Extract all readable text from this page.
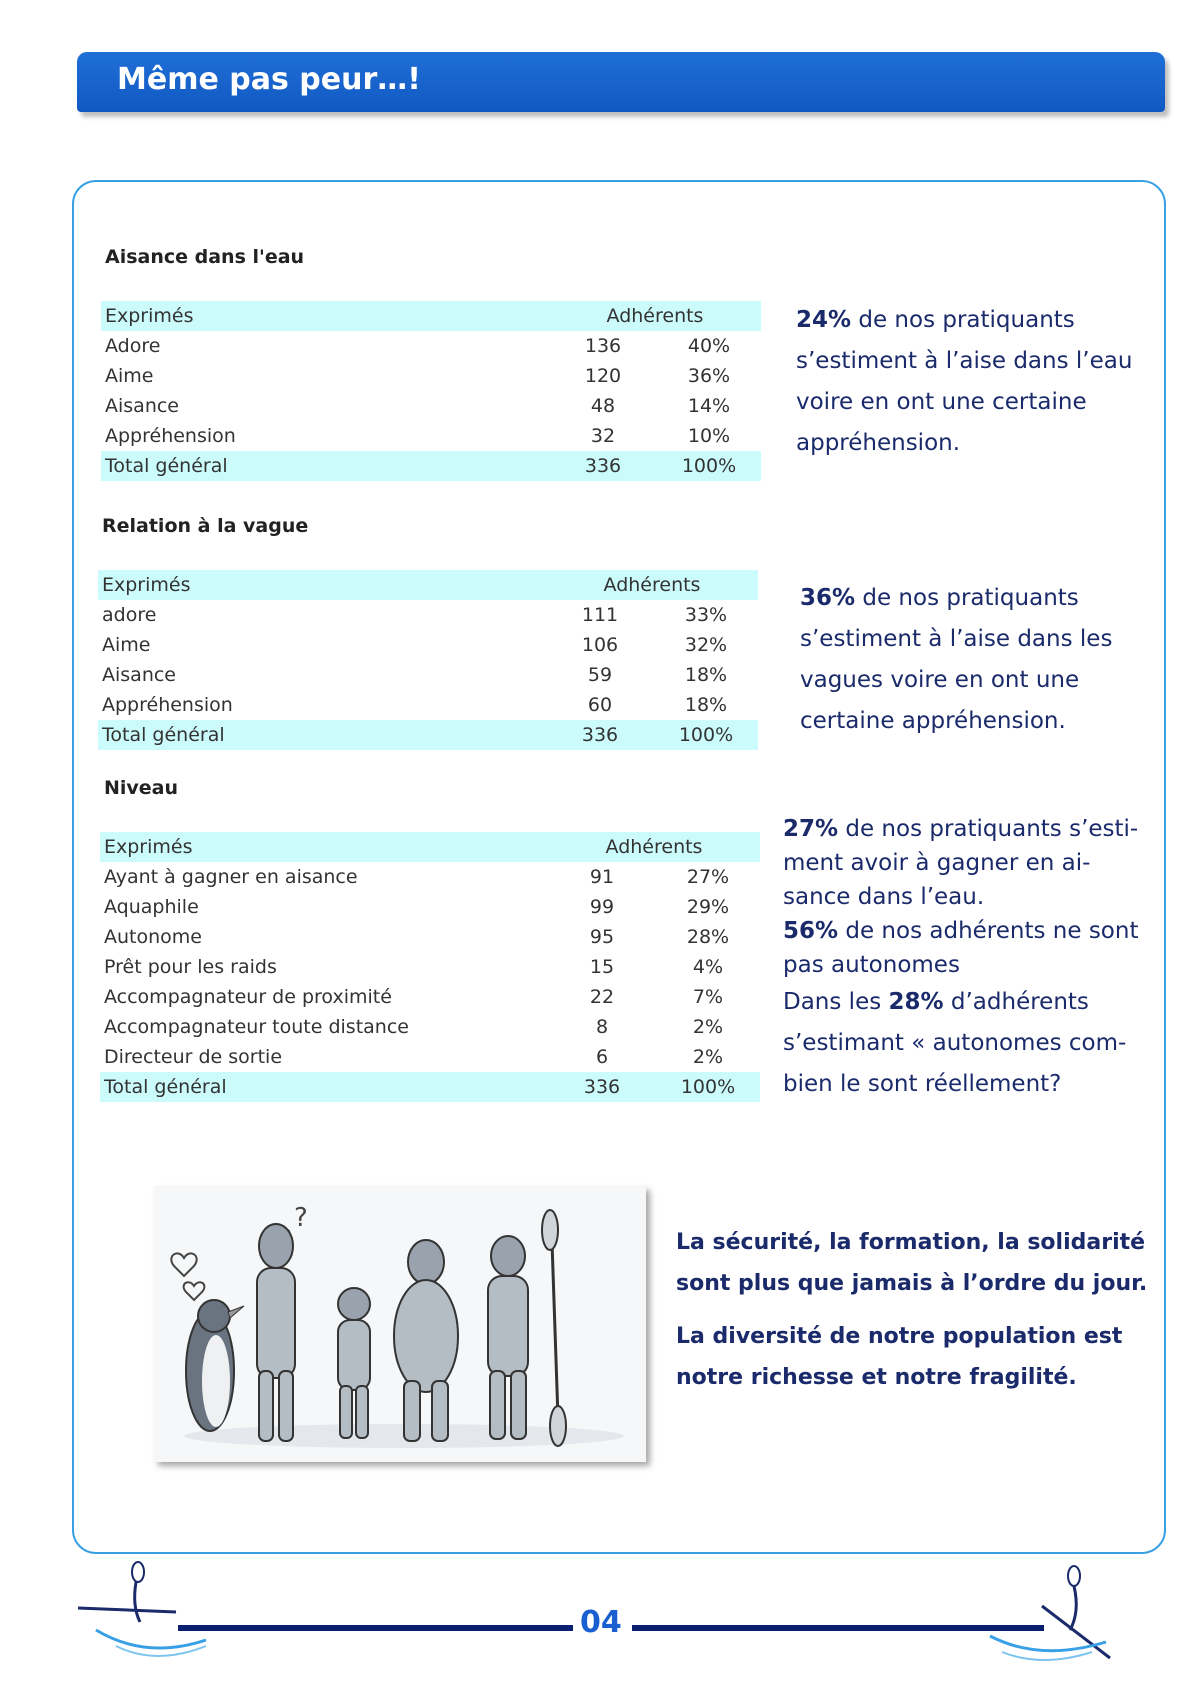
Même pas peur…!
Aisance dans l'eau
Exprimés	Adhérents	
Adore	136	40%
Aime	120	36%
Aisance	48	14%
Appréhension	32	10%
Total général	336	100%

24% de nos pratiquants

s’estiment à l’aise dans l’eau

voire en ont une certaine

appréhension.

Relation à la vague
Exprimés	Adhérents	
adore	111	33%
Aime	106	32%
Aisance	59	18%
Appréhension	60	18%
Total général	336	100%

36% de nos pratiquants

s’estiment à l’aise dans les

vagues voire en ont une

certaine appréhension.

Niveau
Exprimés	Adhérents	
Ayant à gagner en aisance	91	27%
Aquaphile	99	29%
Autonome	95	28%
Prêt pour les raids	15	4%
Accompagnateur de proximité	22	7%
Accompagnateur toute distance	8	2%
Directeur de sortie	6	2%
Total général	336	100%

27% de nos pratiquants s’esti-

ment avoir à gagner en ai-

sance dans l’eau.

56% de nos adhérents ne sont

pas autonomes

Dans les 28% d’adhérents

s’estimant « autonomes com-

bien le sont réellement?

?

La sécurité, la formation, la solidarité
sont plus que jamais à l’ordre du jour.

La diversité de notre population est
notre richesse et notre fragilité.

04
